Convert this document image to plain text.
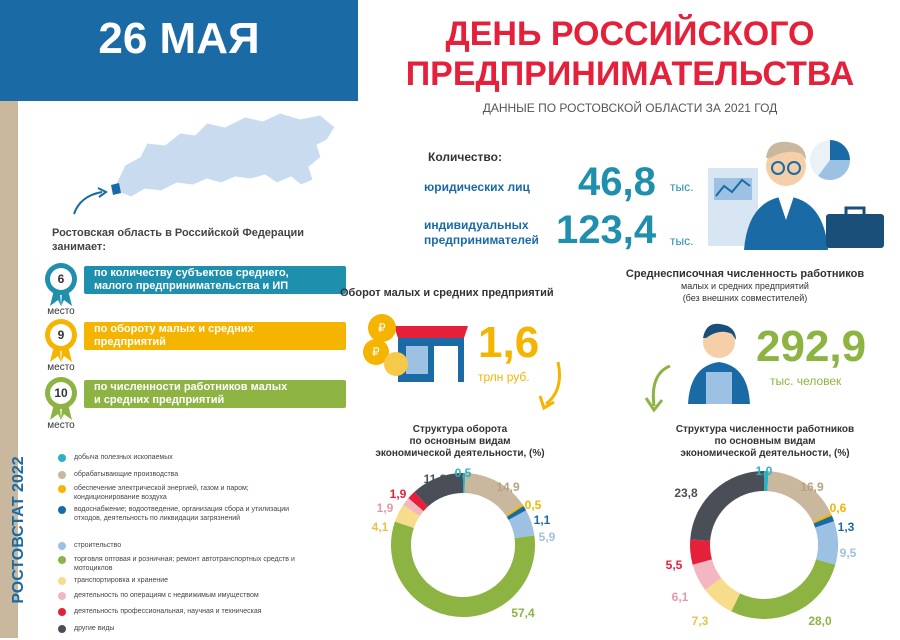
26 МАЯ	ДЕНЬ РОССИЙСКОГО
ПРЕДПРИНИМАТЕЛЬСТВА
ДАННЫЕ ПО РОСТОВСКОЙ ОБЛАСТИ ЗА 2021 ГОД
РОСТОВСТАТ 2022
Ростовская область в Российской Федерации
занимает:
6
место
по количеству субъектов среднего,
малого предпринимательства и ИП
9
место
по обороту малых и средних
предприятий
10
место
по численности работников малых
и средних предприятий
добыча полезных ископаемых
обрабатывающие производства
обеспечение электрической энергией, газом и паром; кондиционирование воздуха
водоснабжение; водоотведение, организация сбора и утилизации отходов, деятельность по ликвидации загрязнений
строительство
торговля оптовая и розничная; ремонт автотранспортных средств и мотоциклов
транспортировка и хранение
деятельность по операциям с недвижимым имуществом
деятельность профессиональная, научная и техническая
другие виды
Количество:
юридических лиц 46,8 тыс.
индивидуальных
предпринимателей 123,4 тыс.
Оборот малых и средних предприятий
₽
₽ 1,6
трлн руб.
Среднесписочная численность работников
малых и средних предприятий
(без внешних совместителей)
292,9
тыс. человек
Структура оборота
по основным видам
экономической деятельности, (%)
Структура численности работников
по основным видам
экономической деятельности, (%)
0,5
14,9
0,5
1,1
5,9
57,4
4,1
1,9
1,9
11,8
1,0
16,9
0,6
1,3
9,5
28,0
7,3
6,1
5,5
23,8
